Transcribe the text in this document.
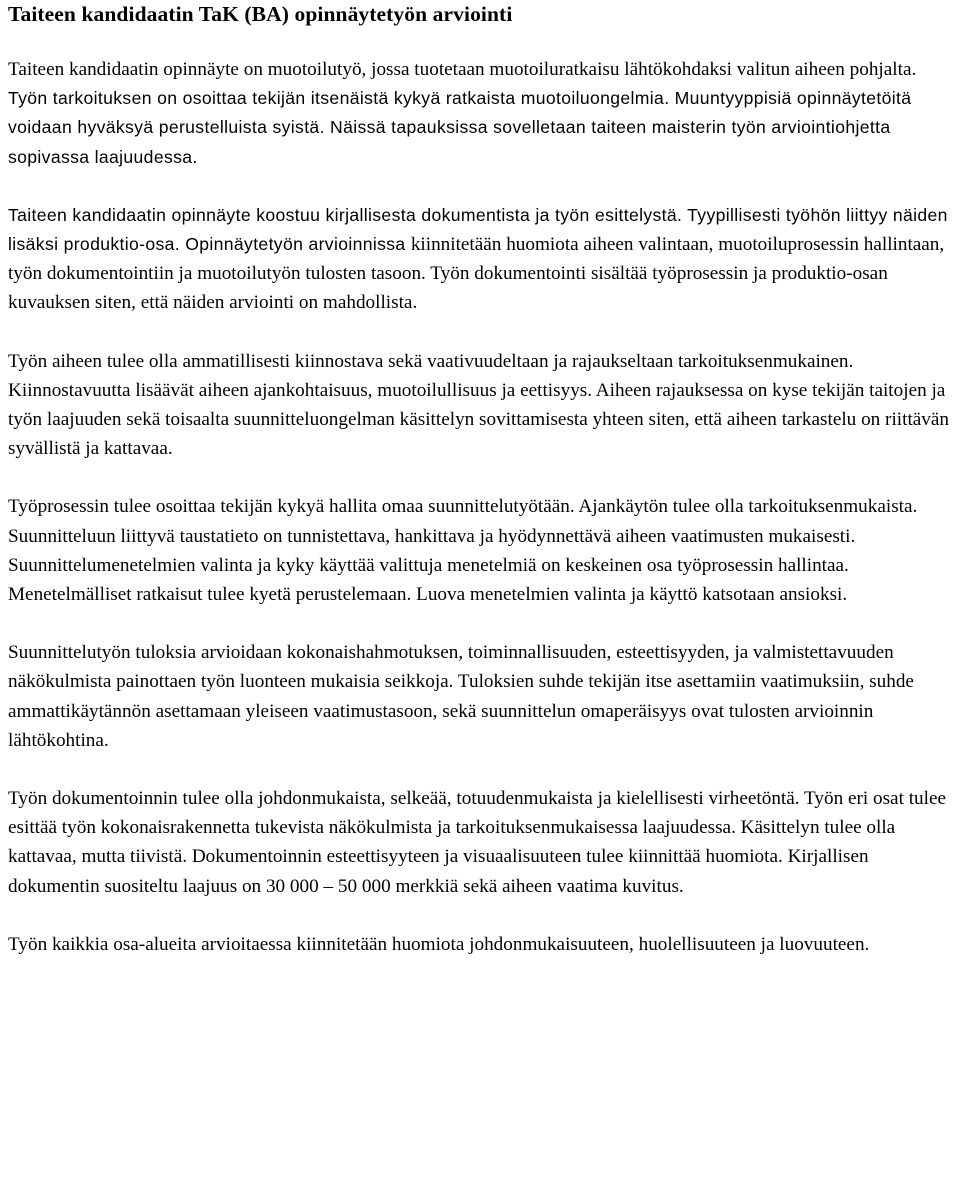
Taiteen kandidaatin TaK (BA) opinnäytetyön arviointi

Taiteen kandidaatin opinnäyte on muotoilutyö, jossa tuotetaan muotoiluratkaisu lähtökohdaksi valitun aiheen pohjalta. Työn tarkoituksen on osoittaa tekijän itsenäistä kykyä ratkaista muotoiluongelmia. Muuntyyppisiä opinnäytetöitä voidaan hyväksyä perustelluista syistä. Näissä tapauksissa sovelletaan taiteen maisterin työn arviointiohjetta sopivassa laajuudessa.

Taiteen kandidaatin opinnäyte koostuu kirjallisesta dokumentista ja työn esittelystä. Tyypillisesti työhön liittyy näiden lisäksi produktio-osa. Opinnäytetyön arvioinnissa kiinnitetään huomiota aiheen valintaan, muotoiluprosessin hallintaan, työn dokumentointiin ja muotoilutyön tulosten tasoon. Työn dokumentointi sisältää työprosessin ja produktio-osan kuvauksen siten, että näiden arviointi on mahdollista.

Työn aiheen tulee olla ammatillisesti kiinnostava sekä vaativuudeltaan ja rajaukseltaan tarkoituksenmukainen. Kiinnostavuutta lisäävät aiheen ajankohtaisuus, muotoilullisuus ja eettisyys. Aiheen rajauksessa on kyse tekijän taitojen ja työn laajuuden sekä toisaalta suunnitteluongelman käsittelyn sovittamisesta yhteen siten, että aiheen tarkastelu on riittävän syvällistä ja kattavaa.

Työprosessin tulee osoittaa tekijän kykyä hallita omaa suunnittelutyötään. Ajankäytön tulee olla tarkoituksenmukaista. Suunnitteluun liittyvä taustatieto on tunnistettava, hankittava ja hyödynnettävä aiheen vaatimusten mukaisesti. Suunnittelumenetelmien valinta ja kyky käyttää valittuja menetelmiä on keskeinen osa työprosessin hallintaa. Menetelmälliset ratkaisut tulee kyetä perustelemaan. Luova menetelmien valinta ja käyttö katsotaan ansioksi.

Suunnittelutyön tuloksia arvioidaan kokonaishahmotuksen, toiminnallisuuden, esteettisyyden, ja valmistettavuuden näkökulmista painottaen työn luonteen mukaisia seikkoja. Tuloksien suhde tekijän itse asettamiin vaatimuksiin, suhde ammattikäytännön asettamaan yleiseen vaatimustasoon, sekä suunnittelun omaperäisyys ovat tulosten arvioinnin lähtökohtina.

Työn dokumentoinnin tulee olla johdonmukaista, selkeää, totuudenmukaista ja kielellisesti virheetöntä. Työn eri osat tulee esittää työn kokonaisrakennetta tukevista näkökulmista ja tarkoituksenmukaisessa laajuudessa. Käsittelyn tulee olla kattavaa, mutta tiivistä. Dokumentoinnin esteettisyyteen ja visuaalisuuteen tulee kiinnittää huomiota. Kirjallisen dokumentin suositeltu laajuus on 30 000 – 50 000 merkkiä sekä aiheen vaatima kuvitus.

Työn kaikkia osa-alueita arvioitaessa kiinnitetään huomiota johdonmukaisuuteen, huolellisuuteen ja luovuuteen.
